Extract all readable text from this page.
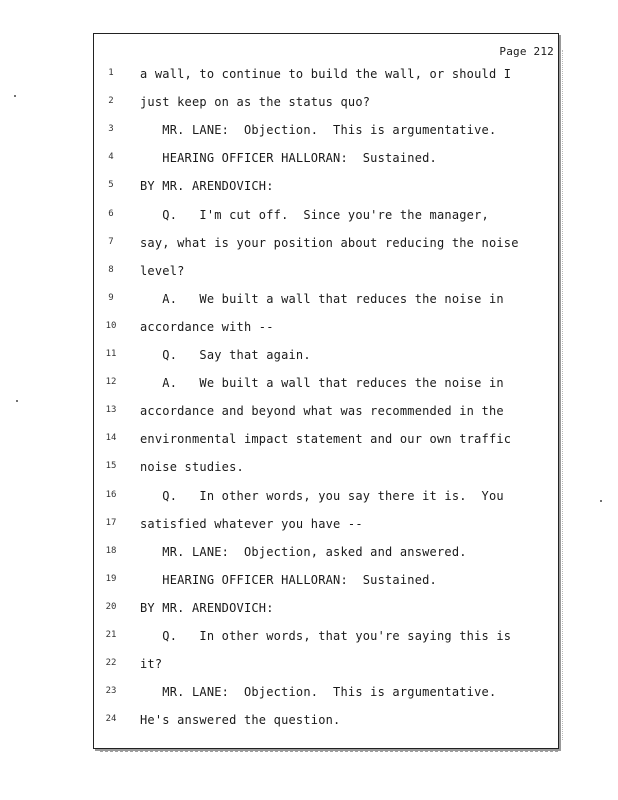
Page 212
1	a wall, to continue to build the wall, or should I
2	just keep on as the status quo?
3	MR. LANE:  Objection.  This is argumentative.
4	HEARING OFFICER HALLORAN:  Sustained.
5	BY MR. ARENDOVICH:
6	Q.   I'm cut off.  Since you're the manager,
7	say, what is your position about reducing the noise
8	level?
9	A.   We built a wall that reduces the noise in
10	accordance with --
11	Q.   Say that again.
12	A.   We built a wall that reduces the noise in
13	accordance and beyond what was recommended in the
14	environmental impact statement and our own traffic
15	noise studies.
16	Q.   In other words, you say there it is.  You
17	satisfied whatever you have --
18	MR. LANE:  Objection, asked and answered.
19	HEARING OFFICER HALLORAN:  Sustained.
20	BY MR. ARENDOVICH:
21	Q.   In other words, that you're saying this is
22	it?
23	MR. LANE:  Objection.  This is argumentative.
24	He's answered the question.
